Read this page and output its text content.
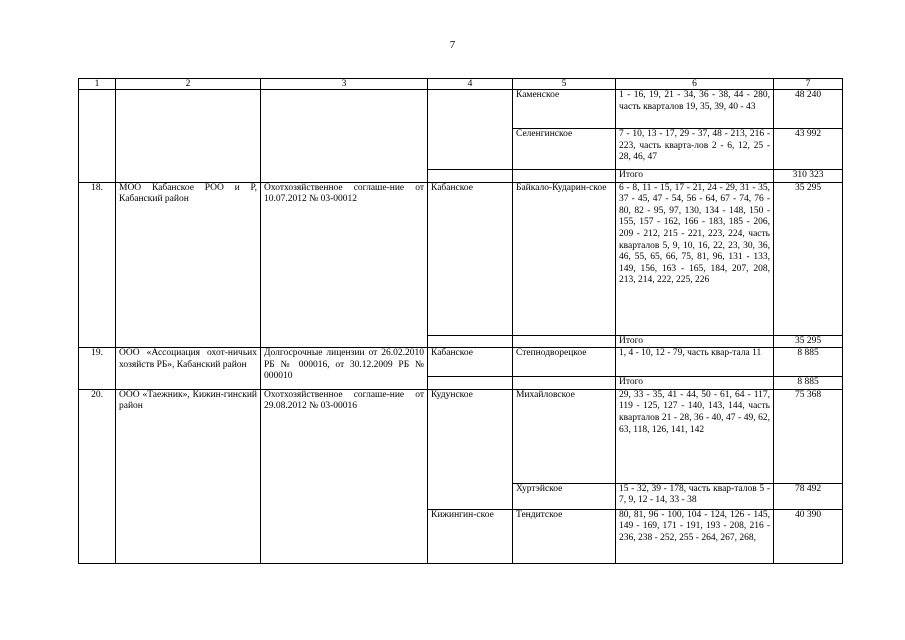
7
1	2	3	4	5	6	7
				Каменское	1 - 16, 19, 21 - 34, 36 - 38, 44 - 280, часть кварталов 19, 35, 39, 40 - 43	48 240
				Селенгинское	7 - 10, 13 - 17, 29 - 37, 48 - 213, 216 - 223, часть кварта-лов 2 - 6, 12, 25 - 28, 46, 47	43 992
					Итого	310 323
18.	МОО Кабанское РОО и Р, Кабанский район	Охотхозяйственное соглаше-ние от 10.07.2012 № 03-00012	Кабанское	Байкало-Кударин-ское	6 - 8, 11 - 15, 17 - 21, 24 - 29, 31 - 35, 37 - 45, 47 - 54, 56 - 64, 67 - 74, 76 - 80, 82 - 95, 97, 130, 134 - 148, 150 - 155, 157 - 162, 166 - 183, 185 - 206, 209 - 212, 215 - 221, 223, 224, часть кварталов 5, 9, 10, 16, 22, 23, 30, 36, 46, 55, 65, 66, 75, 81, 96, 131 - 133, 149, 156, 163 - 165, 184, 207, 208, 213, 214, 222, 225, 226	35 295
					Итого	35 295
19.	ООО «Ассоциация охот-ничьих хозяйств РБ», Кабанский район	Долгосрочные лицензии от 26.02.2010 РБ № 000016, от 30.12.2009 РБ № 000010	Кабанское	Степнодворецкое	1, 4 - 10, 12 - 79, часть квар-тала 11	8 885
					Итого	8 885
20.	ООО «Таежник», Кижин-гинский район	Охотхозяйственное соглаше-ние от 29.08.2012 № 03-00016	Кудунское	Михайловское	29, 33 - 35, 41 - 44, 50 - 61, 64 - 117, 119 - 125, 127 - 140, 143, 144, часть кварталов 21 - 28, 36 - 40, 47 - 49, 62, 63, 118, 126, 141, 142	75 368
				Хуртэйское	15 - 32, 39 - 178, часть квар-талов 5 - 7, 9, 12 - 14, 33 - 38	78 492
			Кижингин-ское	Тендитское	80, 81, 96 - 100, 104 - 124, 126 - 145, 149 - 169, 171 - 191, 193 - 208, 216 - 236, 238 - 252, 255 - 264, 267, 268,	40 390
